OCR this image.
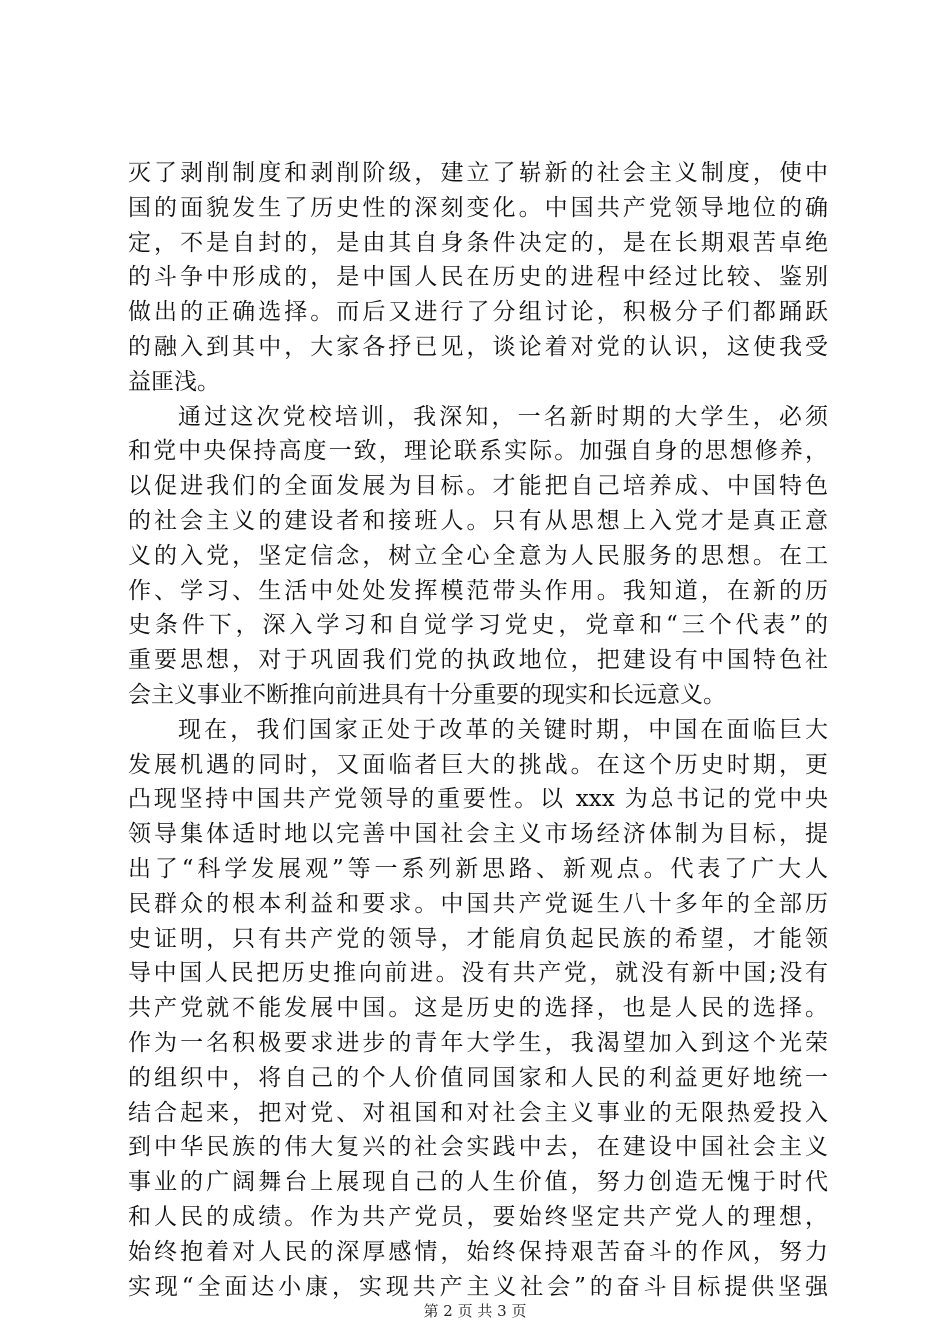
灭了剥削制度和剥削阶级，建立了崭新的社会主义制度，使中
国的面貌发生了历史性的深刻变化。中国共产党领导地位的确
定，不是自封的，是由其自身条件决定的，是在长期艰苦卓绝
的斗争中形成的，是中国人民在历史的进程中经过比较、鉴别
做出的正确选择。而后又进行了分组讨论，积极分子们都踊跃
的融入到其中，大家各抒已见，谈论着对党的认识，这使我受
益匪浅。
通过这次党校培训，我深知，一名新时期的大学生，必须
和党中央保持高度一致，理论联系实际。加强自身的思想修养，
以促进我们的全面发展为目标。才能把自己培养成、中国特色
的社会主义的建设者和接班人。只有从思想上入党才是真正意
义的入党，坚定信念，树立全心全意为人民服务的思想。在工
作、学习、生活中处处发挥模范带头作用。我知道，在新的历
史条件下，深入学习和自觉学习党史，党章和“三个代表”的
重要思想，对于巩固我们党的执政地位，把建设有中国特色社
会主义事业不断推向前进具有十分重要的现实和长远意义。
现在，我们国家正处于改革的关键时期，中国在面临巨大
发展机遇的同时，又面临者巨大的挑战。在这个历史时期，更
凸现坚持中国共产党领导的重要性。以 xxx 为总书记的党中央
领导集体适时地以完善中国社会主义市场经济体制为目标，提
出了“科学发展观”等一系列新思路、新观点。代表了广大人
民群众的根本利益和要求。中国共产党诞生八十多年的全部历
史证明，只有共产党的领导，才能肩负起民族的希望，才能领
导中国人民把历史推向前进。没有共产党，就没有新中国;没有
共产党就不能发展中国。这是历史的选择，也是人民的选择。
作为一名积极要求进步的青年大学生，我渴望加入到这个光荣
的组织中，将自己的个人价值同国家和人民的利益更好地统一
结合起来，把对党、对祖国和对社会主义事业的无限热爱投入
到中华民族的伟大复兴的社会实践中去，在建设中国社会主义
事业的广阔舞台上展现自己的人生价值，努力创造无愧于时代
和人民的成绩。作为共产党员，要始终坚定共产党人的理想，
始终抱着对人民的深厚感情，始终保持艰苦奋斗的作风，努力
实现“全面达小康，实现共产主义社会”的奋斗目标提供坚强
第 2 页 共 3 页
